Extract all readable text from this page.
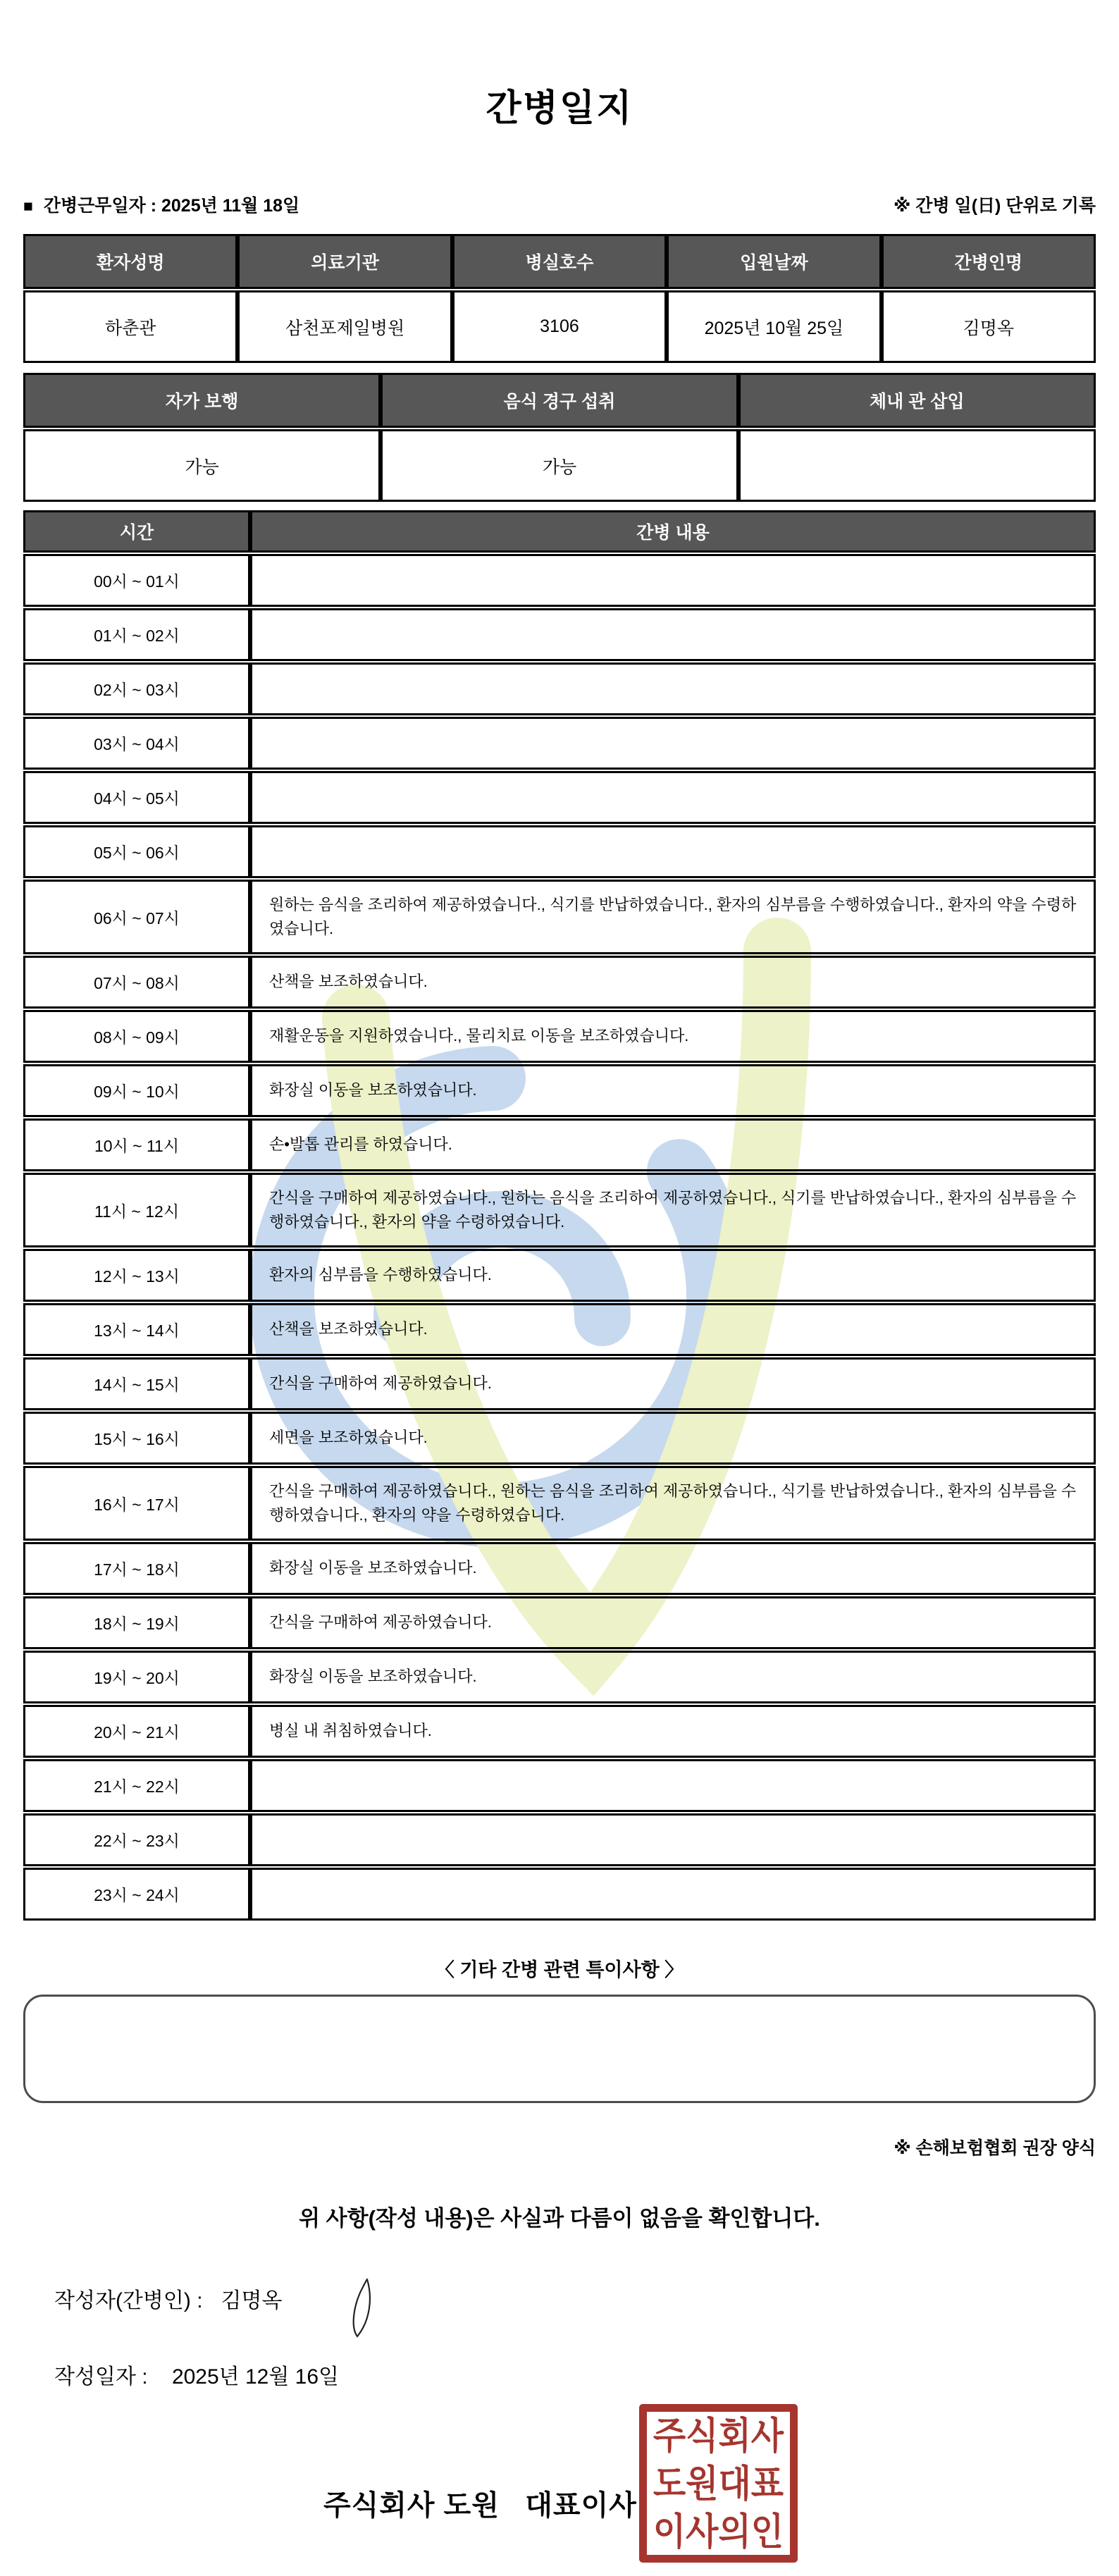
간병일지
■ 간병근무일자 : 2025년 11월 18일	※ 간병 일(日) 단위로 기록
환자성명	의료기관	병실호수	입원날짜	간병인명
하춘관	삼천포제일병원	3106	2025년 10월 25일	김명옥
자가 보행	음식 경구 섭취	체내 관 삽입
가능	가능	
시간	간병 내용
00시 ~ 01시	
01시 ~ 02시	
02시 ~ 03시	
03시 ~ 04시	
04시 ~ 05시	
05시 ~ 06시	
06시 ~ 07시	원하는 음식을 조리하여 제공하였습니다., 식기를 반납하였습니다., 환자의 심부름을 수행하였습니다., 환자의 약을 수령하였습니다.
07시 ~ 08시	산책을 보조하였습니다.
08시 ~ 09시	재활운동을 지원하였습니다., 물리치료 이동을 보조하였습니다.
09시 ~ 10시	화장실 이동을 보조하였습니다.
10시 ~ 11시	손•발톱 관리를 하였습니다.
11시 ~ 12시	간식을 구매하여 제공하였습니다., 원하는 음식을 조리하여 제공하였습니다., 식기를 반납하였습니다., 환자의 심부름을 수행하였습니다., 환자의 약을 수령하였습니다.
12시 ~ 13시	환자의 심부름을 수행하였습니다.
13시 ~ 14시	산책을 보조하였습니다.
14시 ~ 15시	간식을 구매하여 제공하였습니다.
15시 ~ 16시	세면을 보조하였습니다.
16시 ~ 17시	간식을 구매하여 제공하였습니다., 원하는 음식을 조리하여 제공하였습니다., 식기를 반납하였습니다., 환자의 심부름을 수행하였습니다., 환자의 약을 수령하였습니다.
17시 ~ 18시	화장실 이동을 보조하였습니다.
18시 ~ 19시	간식을 구매하여 제공하였습니다.
19시 ~ 20시	화장실 이동을 보조하였습니다.
20시 ~ 21시	병실 내 취침하였습니다.
21시 ~ 22시	
22시 ~ 23시	
23시 ~ 24시	
〈 기타 간병 관련 특이사항 〉
※ 손해보험협회 권장 양식
위 사항(작성 내용)은 사실과 다름이 없음을 확인합니다.
작성자(간병인) : 김명옥
작성일자 : 2025년 12월 16일
주식회사 도원   대표이사
주식회사
도원대표
이사의인
